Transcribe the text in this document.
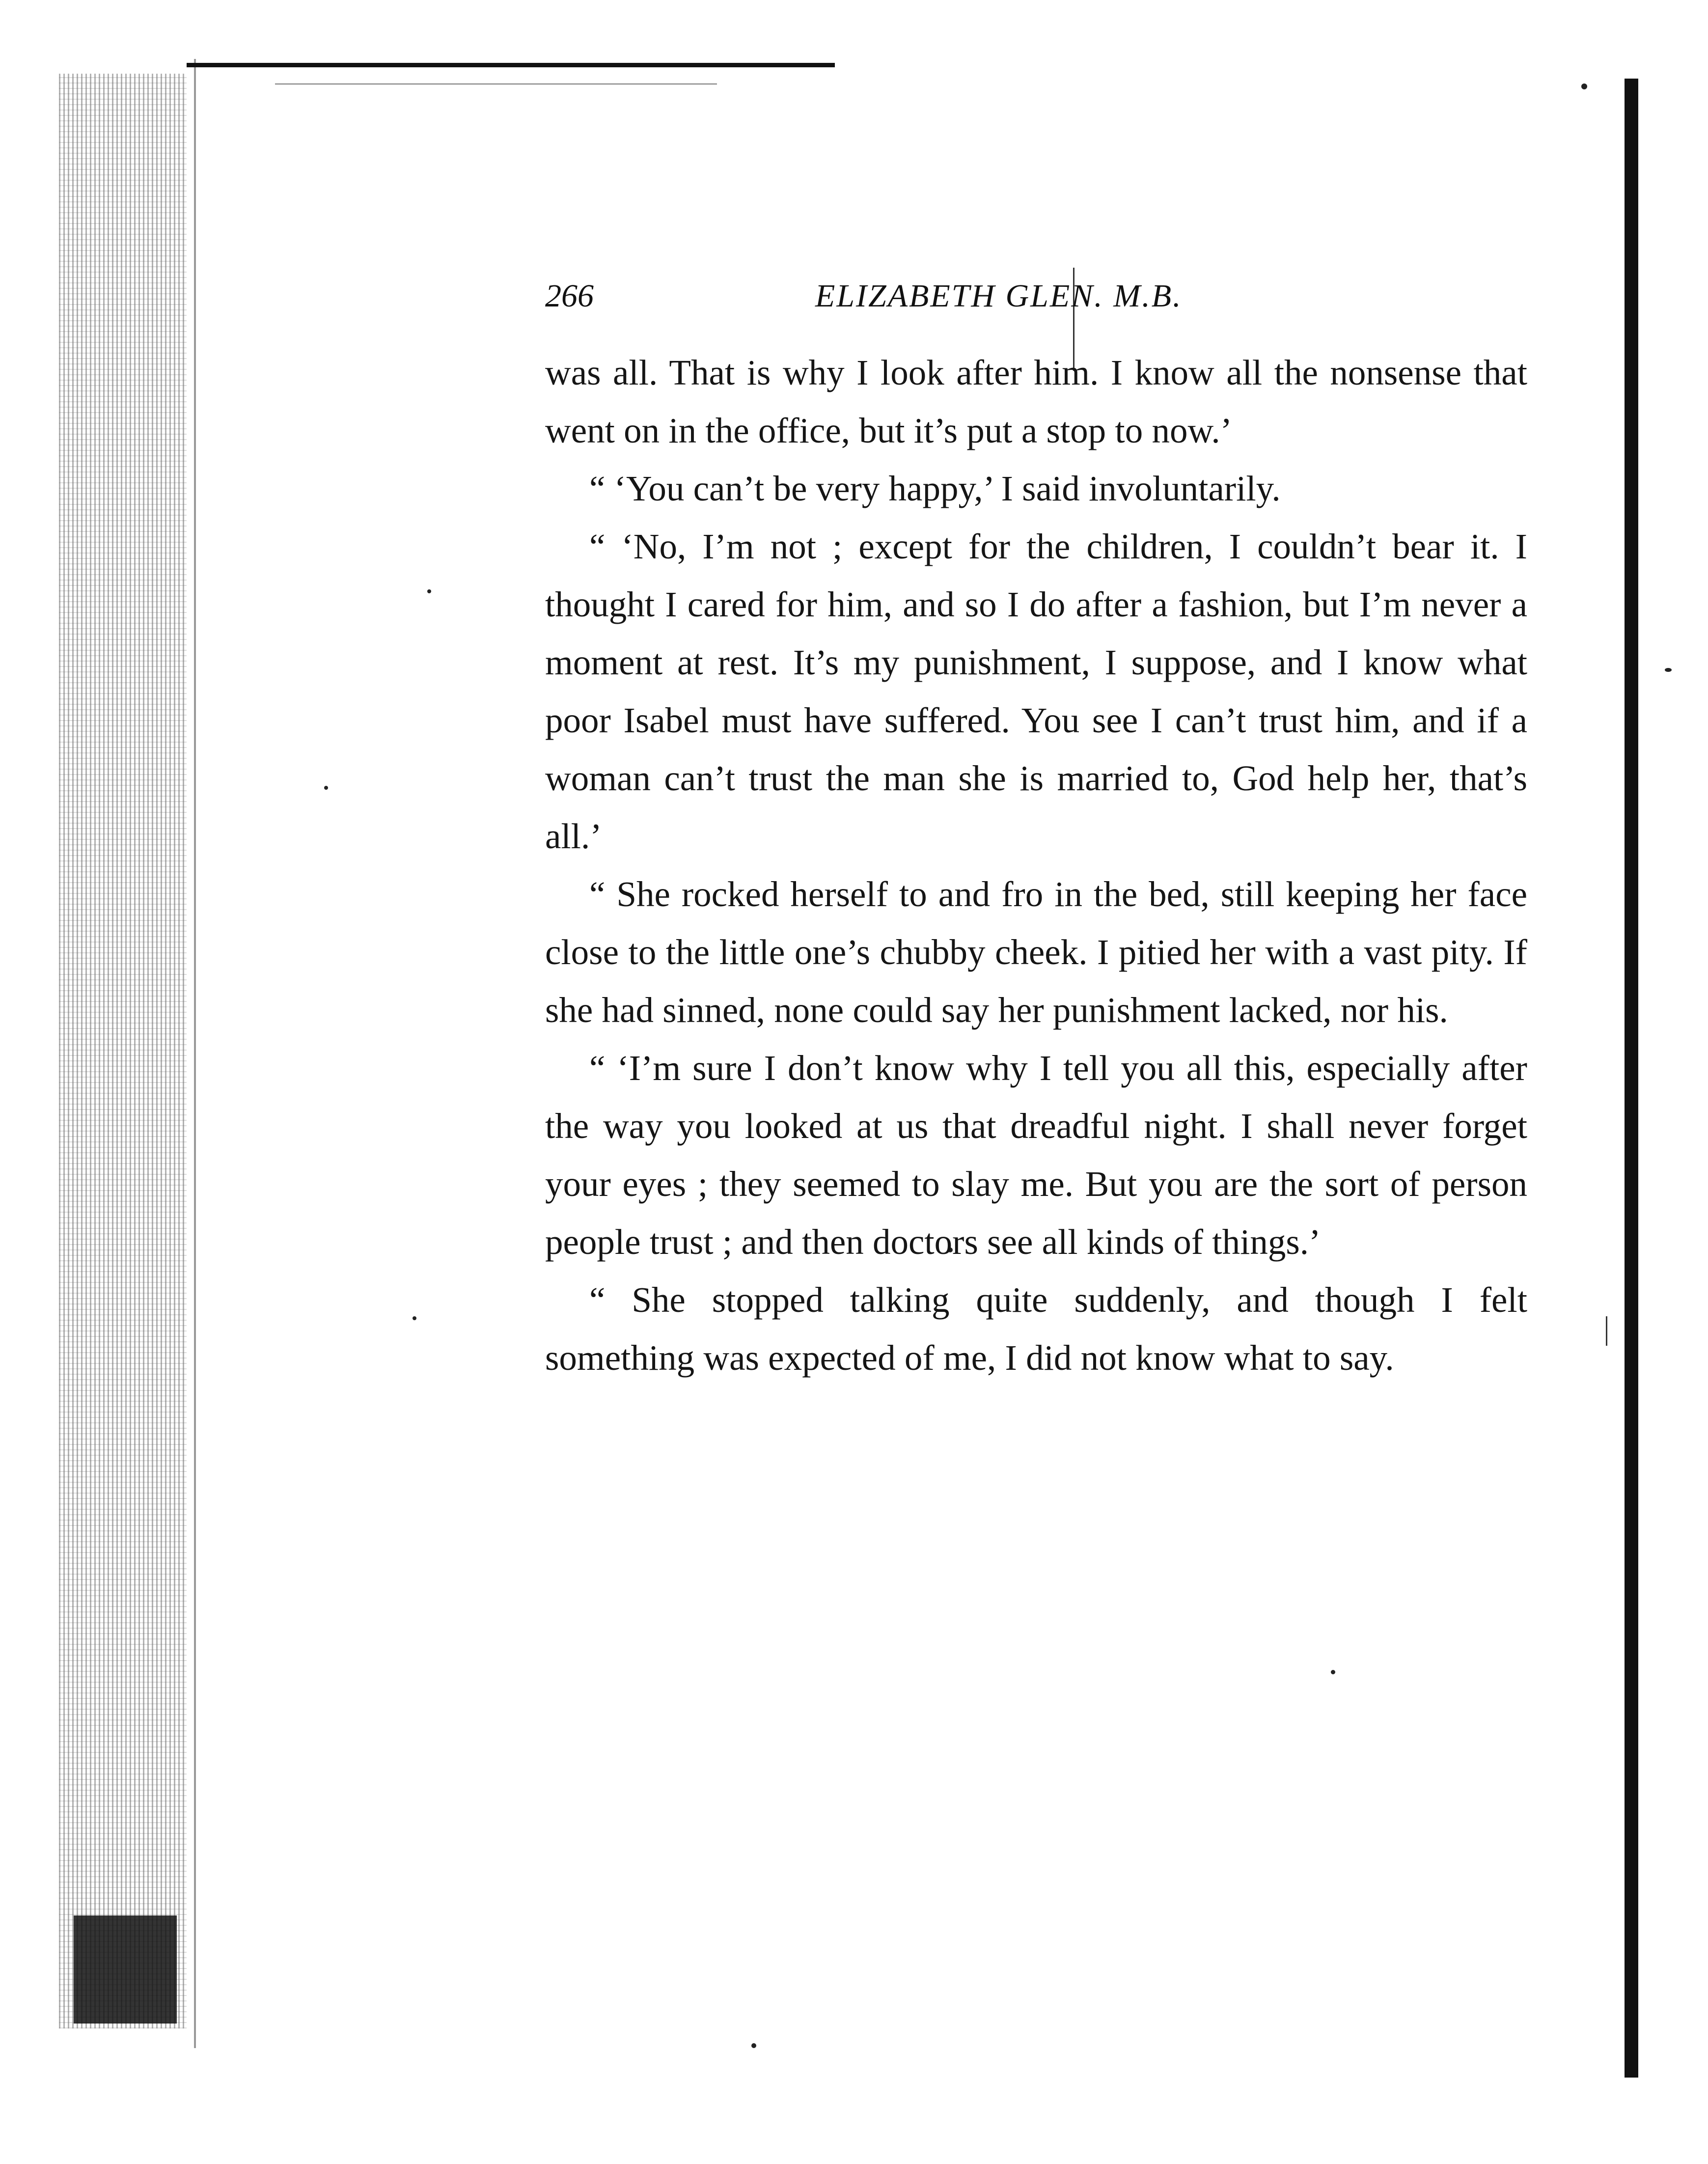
266	ELIZABETH GLEN. M.B.

was all. That is why I look after him. I know all the nonsense that went on in the office, but it’s put a stop to now.’

“ ‘You can’t be very happy,’ I said involuntarily.

“ ‘No, I’m not ; except for the children, I couldn’t bear it. I thought I cared for him, and so I do after a fashion, but I’m never a moment at rest. It’s my punishment, I suppose, and I know what poor Isabel must have suffered. You see I can’t trust him, and if a woman can’t trust the man she is married to, God help her, that’s all.’

“ She rocked herself to and fro in the bed, still keeping her face close to the little one’s chubby cheek. I pitied her with a vast pity. If she had sinned, none could say her punishment lacked, nor his.

“ ‘I’m sure I don’t know why I tell you all this, especially after the way you looked at us that dreadful night. I shall never forget your eyes ; they seemed to slay me. But you are the sort of person people trust ; and then doctors see all kinds of things.’

“ She stopped talking quite suddenly, and though I felt something was expected of me, I did not know what to say.
